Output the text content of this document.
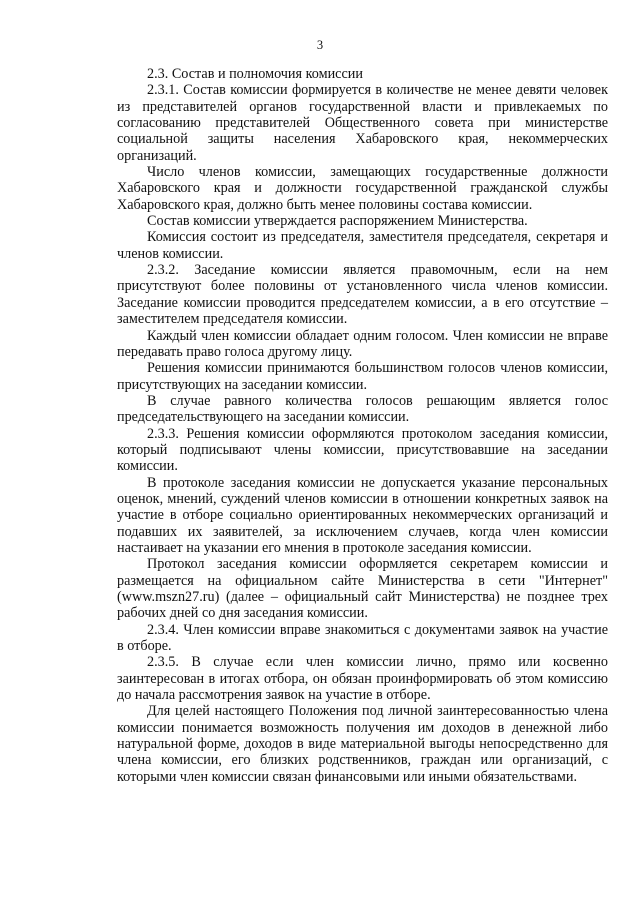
3

2.3. Состав и полномочия комиссии

2.3.1. Состав комиссии формируется в количестве не менее девяти человек из представителей органов государственной власти и привлекаемых по согласованию представителей Общественного совета при министерстве социальной защиты населения Хабаровского края, некоммерческих организаций.

Число членов комиссии, замещающих государственные должности Хабаровского края и должности государственной гражданской службы Хабаровского края, должно быть менее половины состава комиссии.

Состав комиссии утверждается распоряжением Министерства.

Комиссия состоит из председателя, заместителя председателя, секретаря и членов комиссии.

2.3.2. Заседание комиссии является правомочным, если на нем присутствуют более половины от установленного числа членов комиссии. Заседание комиссии проводится председателем комиссии, а в его отсутствие – заместителем председателя комиссии.

Каждый член комиссии обладает одним голосом. Член комиссии не вправе передавать право голоса другому лицу.

Решения комиссии принимаются большинством голосов членов комиссии, присутствующих на заседании комиссии.

В случае равного количества голосов решающим является голос председательствующего на заседании комиссии.

2.3.3. Решения комиссии оформляются протоколом заседания комиссии, который подписывают члены комиссии, присутствовавшие на заседании комиссии.

В протоколе заседания комиссии не допускается указание персональных оценок, мнений, суждений членов комиссии в отношении конкретных заявок на участие в отборе социально ориентированных некоммерческих организаций и подавших их заявителей, за исключением случаев, когда член комиссии настаивает на указании его мнения в протоколе заседания комиссии.

Протокол заседания комиссии оформляется секретарем комиссии и размещается на официальном сайте Министерства в сети "Интернет" (www.mszn27.ru) (далее – официальный сайт Министерства) не позднее трех рабочих дней со дня заседания комиссии.

2.3.4. Член комиссии вправе знакомиться с документами заявок на участие в отборе.

2.3.5. В случае если член комиссии лично, прямо или косвенно заинтересован в итогах отбора, он обязан проинформировать об этом комиссию до начала рассмотрения заявок на участие в отборе.

Для целей настоящего Положения под личной заинтересованностью члена комиссии понимается возможность получения им доходов в денежной либо натуральной форме, доходов в виде материальной выгоды непосредственно для члена комиссии, его близких родственников, граждан или организаций, с которыми член комиссии связан финансовыми или иными обязательствами.
